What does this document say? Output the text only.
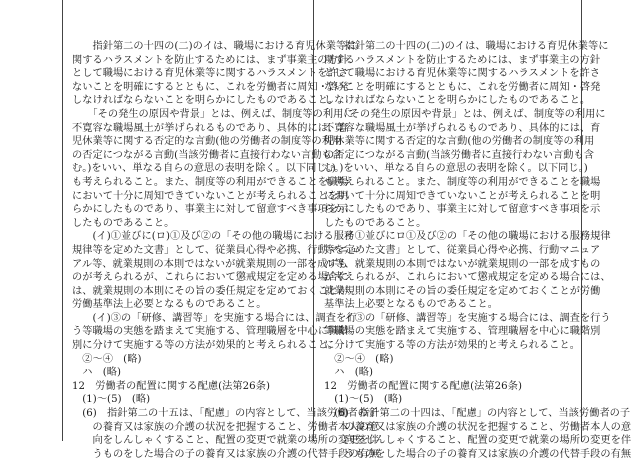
　　指針第二の十四の(二)のイは、職場における育児休業等に

関するハラスメントを防止するためには、まず事業主の方針

として職場における育児休業等に関するハラスメントを許さ

ないことを明確にするとともに、これを労働者に周知・啓発

しなければならないことを明らかにしたものであること。

　　「その発生の原因や背景」とは、例えば、制度等の利用に

不寛容な職場風土が挙げられるものであり、具体的には、育

児休業等に関する否定的な言動(他の労働者の制度等の利用

の否定につながる言動(当該労働者に直接行わない言動も含

む。)をいい、単なる自らの意思の表明を除く。以下同じ。)

も考えられること。また、制度等の利用ができることを職場

において十分に周知できていないことが考えられることを明

らかにしたものであり、事業主に対して留意すべき事項を示

したものであること。

　　(イ)①並びに(ロ)①及び②の「その他の職場における服務

規律等を定めた文書」として、従業員心得や必携、行動マニュ

アル等、就業規則の本則ではないが就業規則の一部を成すも

のが考えられるが、これらにおいて懲戒規定を定める場合に

は、就業規則の本則にその旨の委任規定を定めておくことが

労働基準法上必要となるものであること。

　　(イ)③の「研修、講習等」を実施する場合には、調査を行

う等職場の実態を踏まえて実施する、管理職層を中心に職階

別に分けて実施する等の方法が効果的と考えられること。

　②～④　(略)

　ハ　(略)

12　労働者の配置に関する配慮(法第26条)

　(1)～(5)　(略)

　(6)　指針第二の十五は、「配慮」の内容として、当該労働者の子

　　の養育又は家族の介護の状況を把握すること、労働者本人の意

　　向をしんしゃくすること、配置の変更で就業の場所の変更を伴

　　うものをした場合の子の養育又は家族の介護の代替手段の有無

　　指針第二の十四の(二)のイは、職場における育児休業等に

関するハラスメントを防止するためには、まず事業主の方針

として職場における育児休業等に関するハラスメントを許さ

ないことを明確にするとともに、これを労働者に周知・啓発

しなければならないことを明らかにしたものであること。

　　「その発生の原因や背景」とは、例えば、制度等の利用に

不寛容な職場風土が挙げられるものであり、具体的には、育

児休業等に関する否定的な言動(他の労働者の制度等の利用

の否定につながる言動(当該労働者に直接行わない言動も含

む。)をいい、単なる自らの意思の表明を除く。以下同じ。)

も考えられること。また、制度等の利用ができることを職場

において十分に周知できていないことが考えられることを明

らかにしたものであり、事業主に対して留意すべき事項を示

したものであること。

　　イ①並びにロ①及び②の「その他の職場における服務規律

等を定めた文書」として、従業員心得や必携、行動マニュア

ル等、就業規則の本則ではないが就業規則の一部を成すもの

が考えられるが、これらにおいて懲戒規定を定める場合には、

就業規則の本則にその旨の委任規定を定めておくことが労働

基準法上必要となるものであること。

　　イ③の「研修、講習等」を実施する場合には、調査を行う

等職場の実態を踏まえて実施する、管理職層を中心に職階別

に分けて実施する等の方法が効果的と考えられること。

　②～④　(略)

　ハ　(略)

12　労働者の配置に関する配慮(法第26条)

　(1)～(5)　(略)

　(6)　指針第二の十四は、「配慮」の内容として、当該労働者の子

　　の養育又は家族の介護の状況を把握すること、労働者本人の意

　　向をしんしゃくすること、配置の変更で就業の場所の変更を伴

　　うものをした場合の子の養育又は家族の介護の代替手段の有無
